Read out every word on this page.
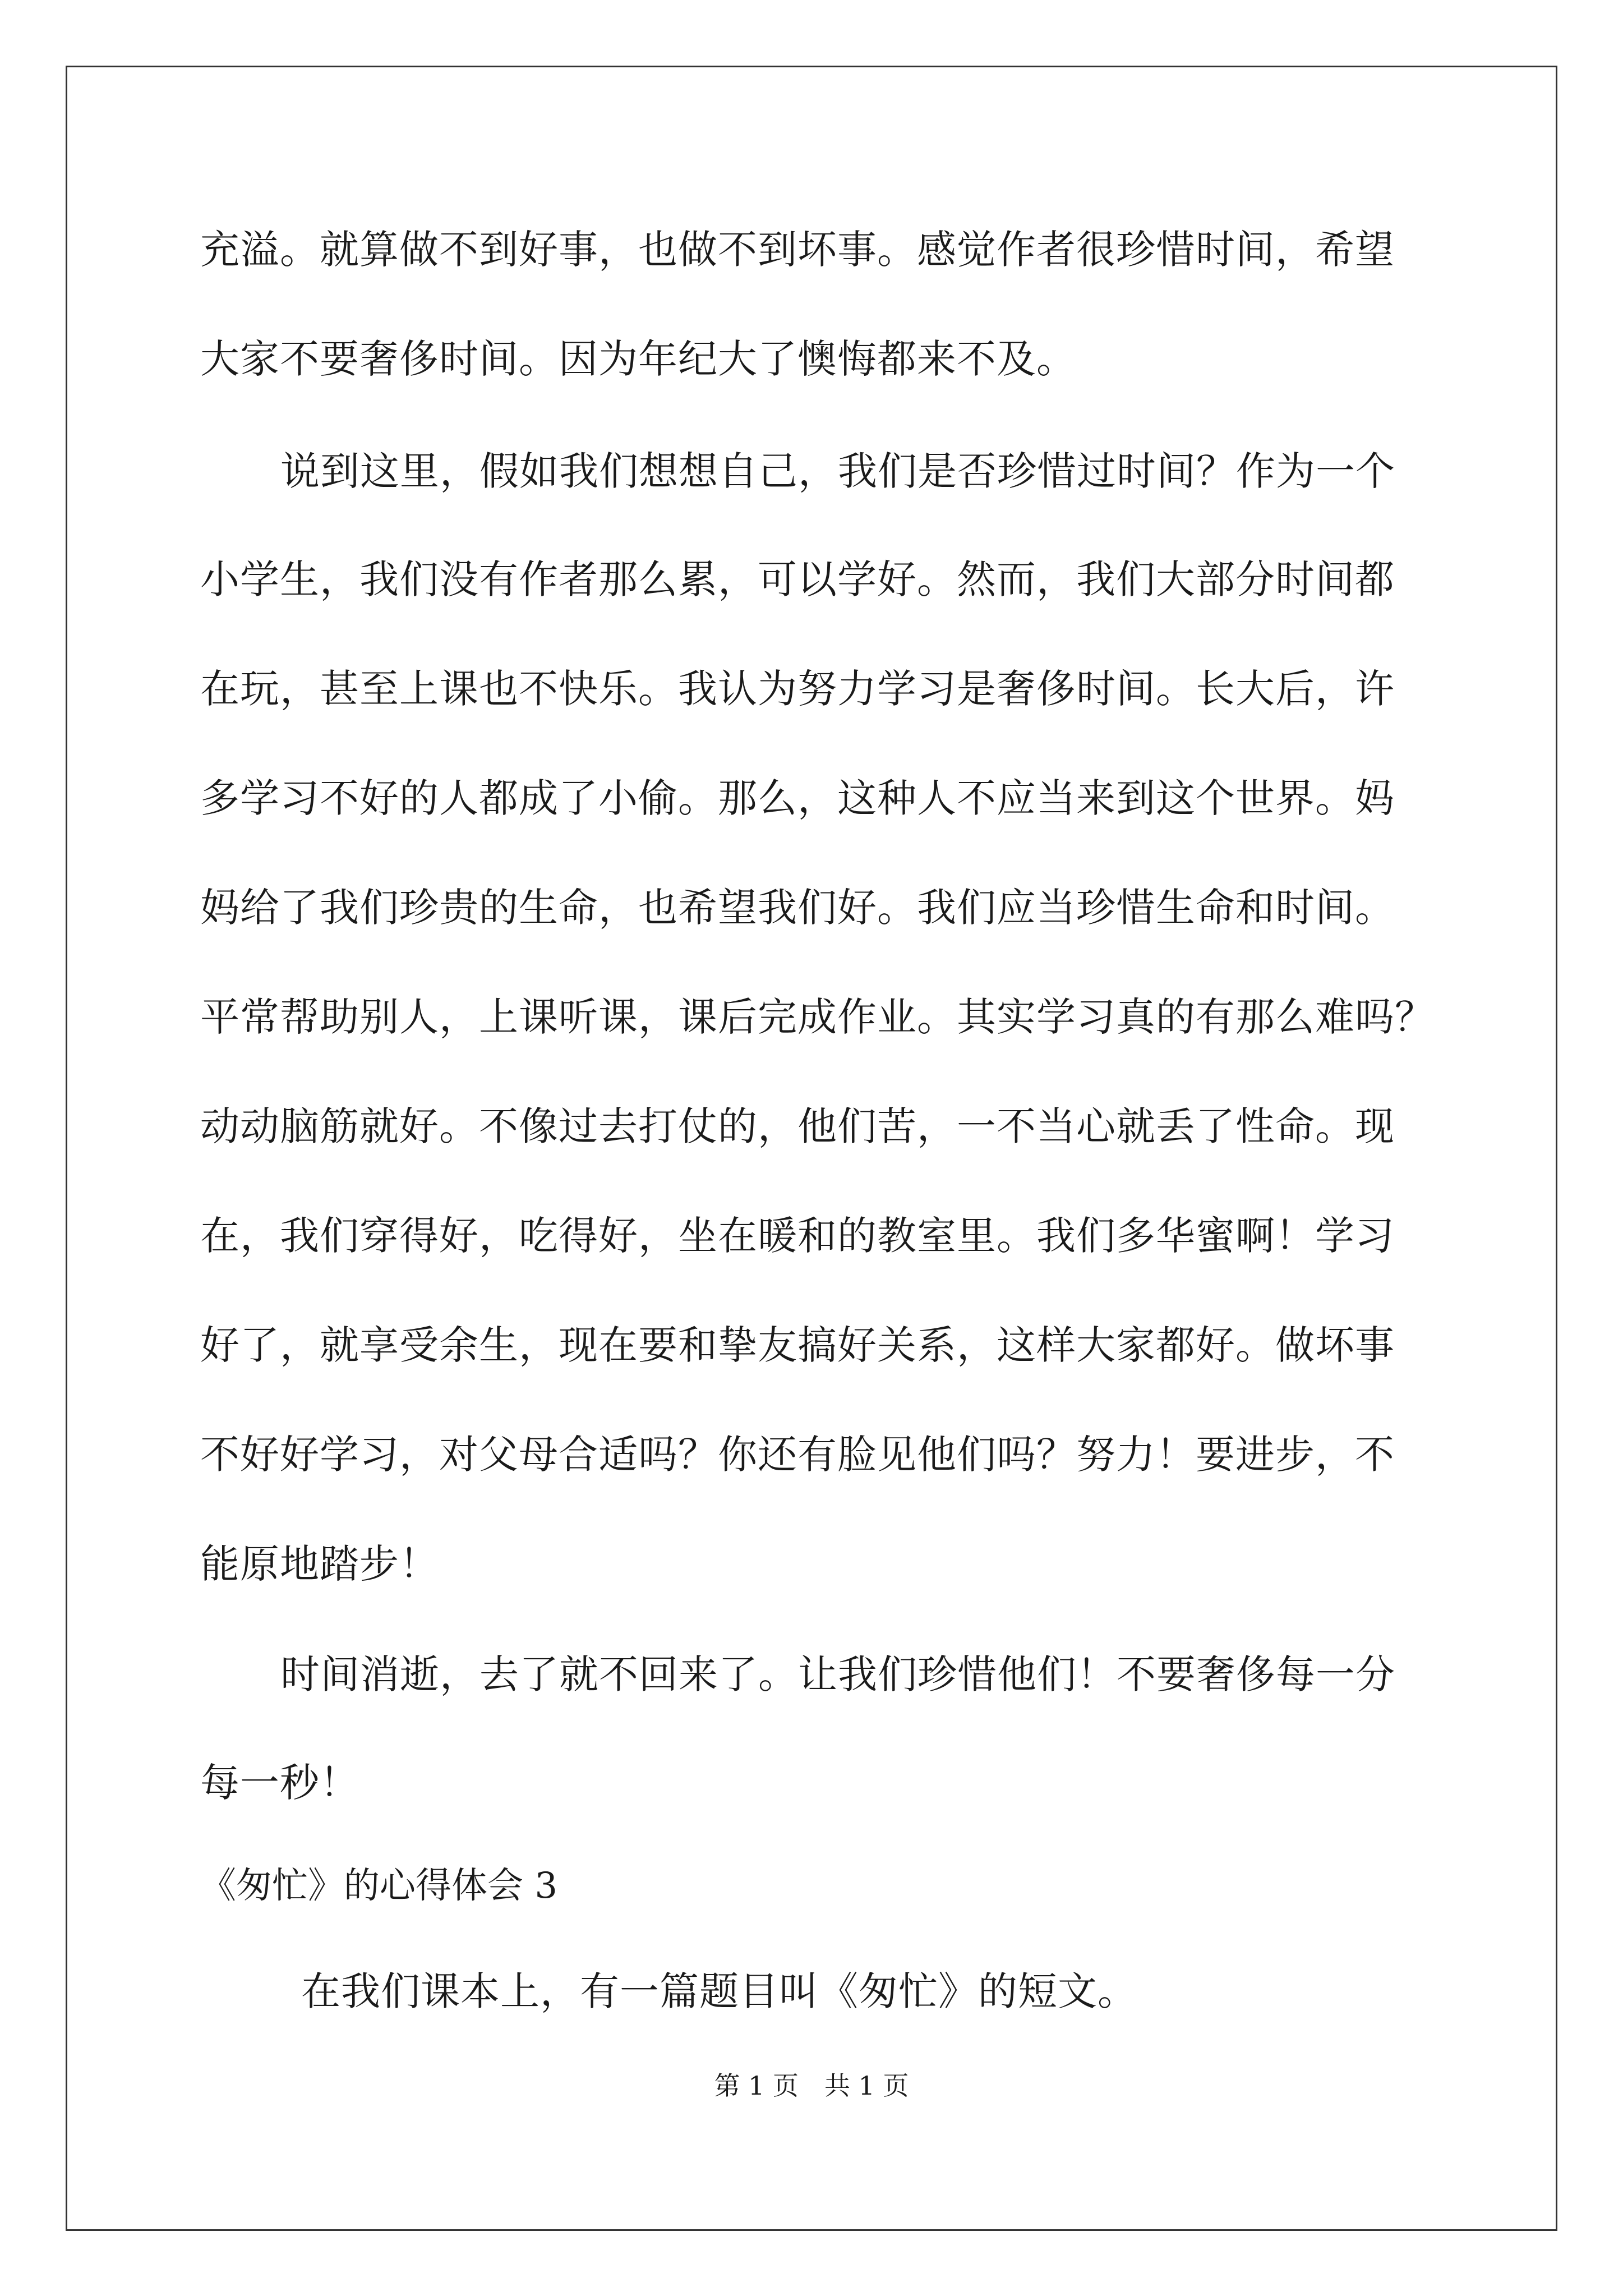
充溢。就算做不到好事，也做不到坏事。感觉作者很珍惜时间，希望
大家不要奢侈时间。因为年纪大了懊悔都来不及。
说到这里，假如我们想想自己，我们是否珍惜过时间？作为一个
小学生，我们没有作者那么累，可以学好。然而，我们大部分时间都
在玩，甚至上课也不快乐。我认为努力学习是奢侈时间。长大后，许
多学习不好的人都成了小偷。那么，这种人不应当来到这个世界。妈
妈给了我们珍贵的生命，也希望我们好。我们应当珍惜生命和时间。
平常帮助别人，上课听课，课后完成作业。其实学习真的有那么难吗？
动动脑筋就好。不像过去打仗的，他们苦，一不当心就丢了性命。现
在，我们穿得好，吃得好，坐在暖和的教室里。我们多华蜜啊！学习
好了，就享受余生，现在要和挚友搞好关系，这样大家都好。做坏事
不好好学习，对父母合适吗？你还有脸见他们吗？努力！要进步，不
能原地踏步！
时间消逝，去了就不回来了。让我们珍惜他们！不要奢侈每一分
每一秒！
《匆忙》的心得体会 3
在我们课本上，有一篇题目叫《匆忙》的短文。
第 1 页　共 1 页
